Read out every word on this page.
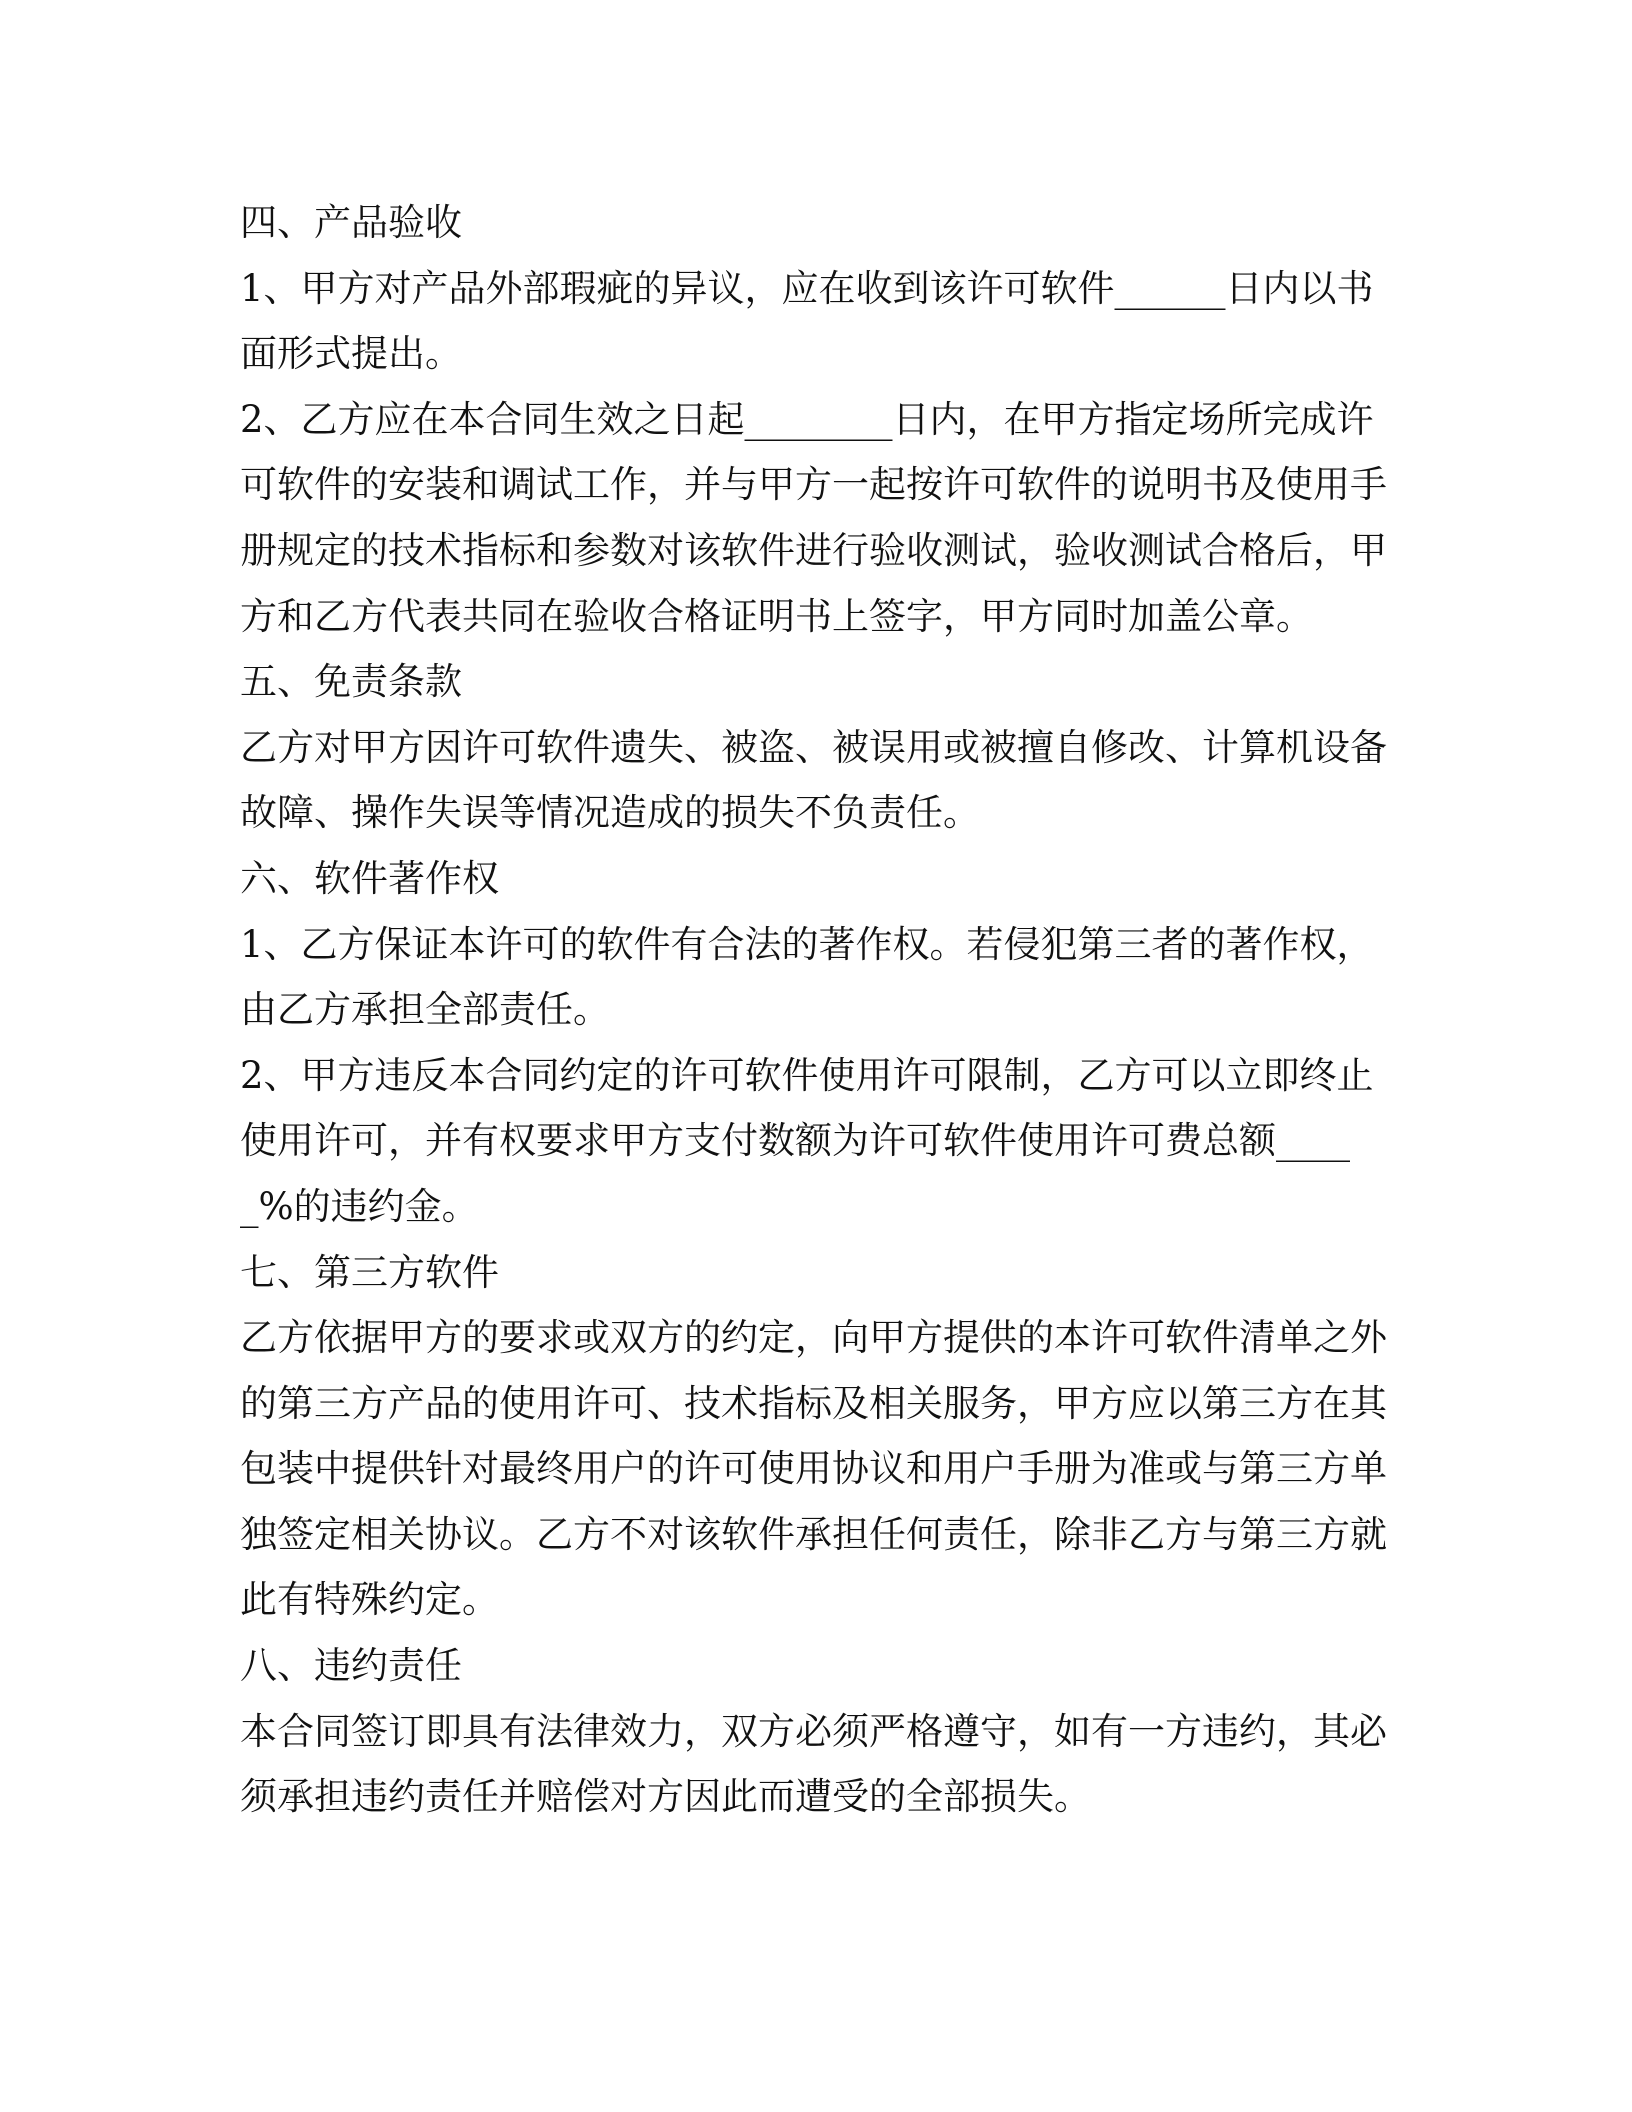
四、产品验收

1、甲方对产品外部瑕疵的异议，应在收到该许可软件______日内以书面形式提出。

2、乙方应在本合同生效之日起________日内，在甲方指定场所完成许可软件的安装和调试工作，并与甲方一起按许可软件的说明书及使用手册规定的技术指标和参数对该软件进行验收测试，验收测试合格后，甲方和乙方代表共同在验收合格证明书上签字，甲方同时加盖公章。

五、免责条款

乙方对甲方因许可软件遗失、被盗、被误用或被擅自修改、计算机设备故障、操作失误等情况造成的损失不负责任。

六、软件著作权

1、乙方保证本许可的软件有合法的著作权。若侵犯第三者的著作权，由乙方承担全部责任。

2、甲方违反本合同约定的许可软件使用许可限制，乙方可以立即终止使用许可，并有权要求甲方支付数额为许可软件使用许可费总额_____%的违约金。

七、第三方软件

乙方依据甲方的要求或双方的约定，向甲方提供的本许可软件清单之外的第三方产品的使用许可、技术指标及相关服务，甲方应以第三方在其包装中提供针对最终用户的许可使用协议和用户手册为准或与第三方单独签定相关协议。乙方不对该软件承担任何责任，除非乙方与第三方就此有特殊约定。

八、违约责任

本合同签订即具有法律效力，双方必须严格遵守，如有一方违约，其必须承担违约责任并赔偿对方因此而遭受的全部损失。
